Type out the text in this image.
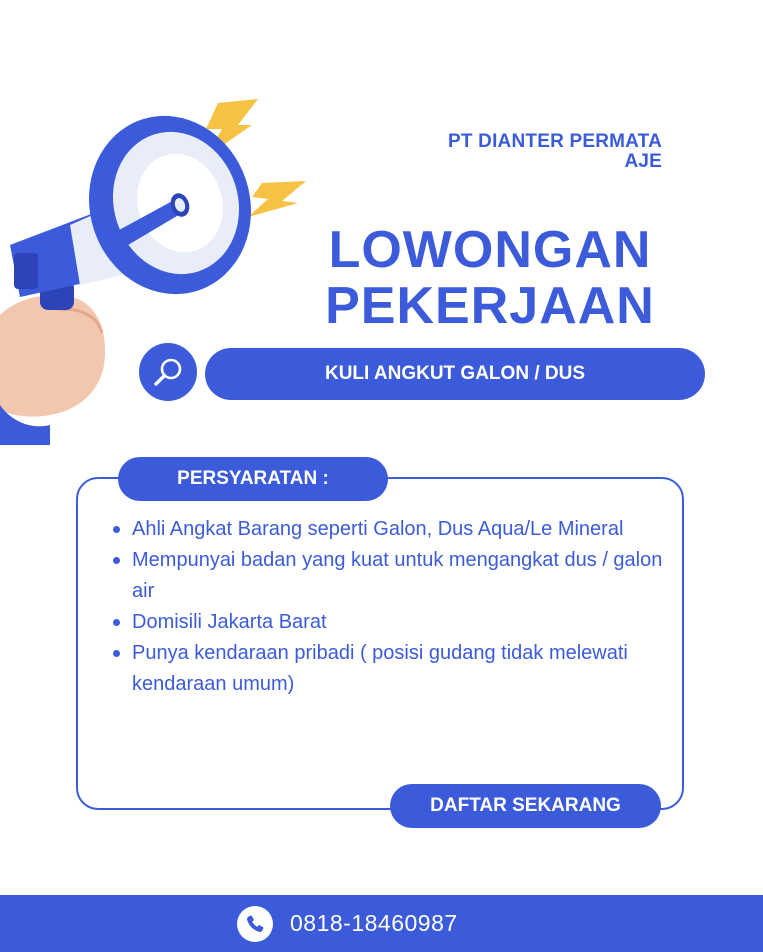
PT DIANTER PERMATA
AJE
LOWONGAN
PEKERJAAN
KULI ANGKUT GALON / DUS
PERSYARATAN :
Ahli Angkat Barang seperti Galon, Dus Aqua/Le Mineral
Mempunyai badan yang kuat untuk mengangkat dus / galon air
Domisili Jakarta Barat
Punya kendaraan pribadi ( posisi gudang tidak melewati kendaraan umum)
DAFTAR SEKARANG
0818-18460987
